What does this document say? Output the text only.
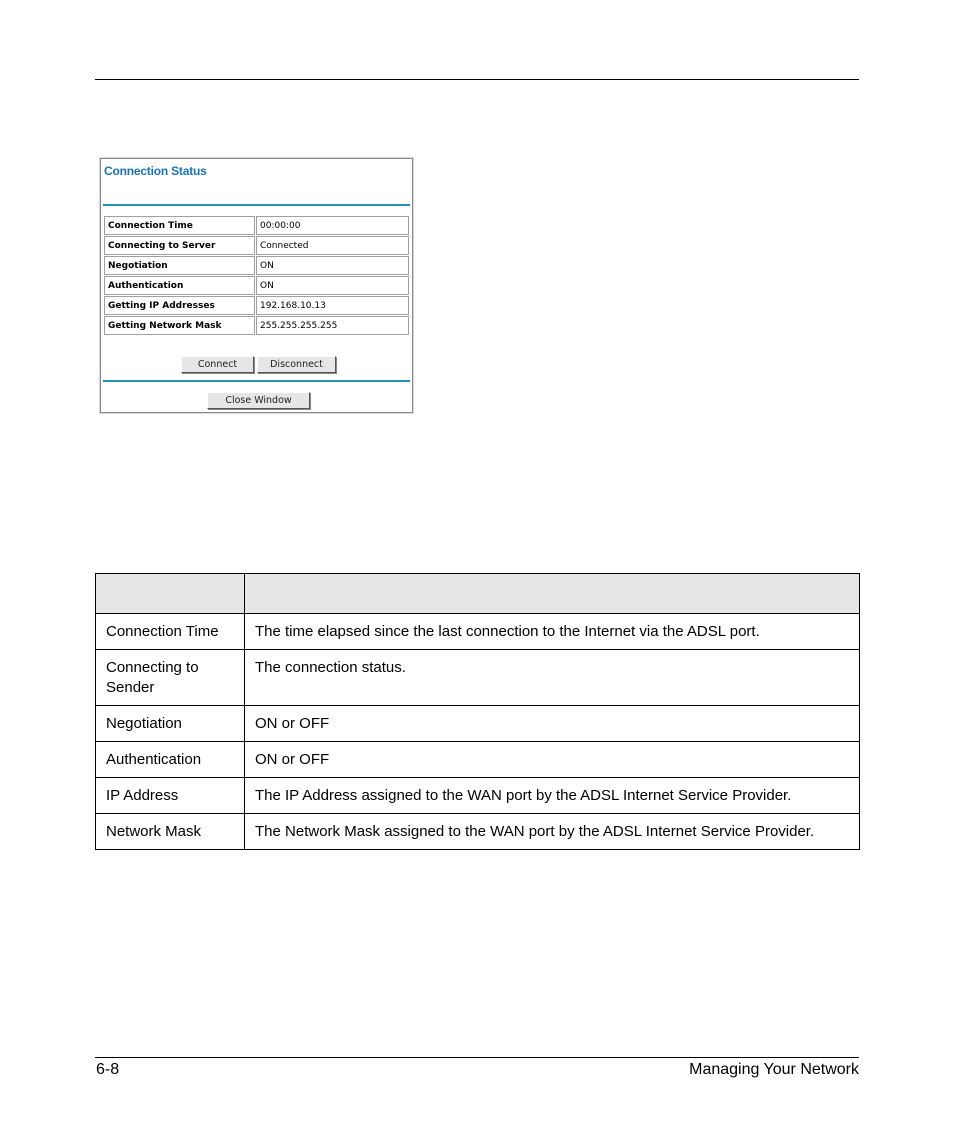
Connection Status
Connection Time	00:00:00
Connecting to Server	Connected
Negotiation	ON
Authentication	ON
Getting IP Addresses	192.168.10.13
Getting Network Mask	255.255.255.255
Connect	Disconnect
Close Window

Connection Time	The time elapsed since the last connection to the Internet via the ADSL port.
Connecting to Sender	The connection status.
Negotiation	ON or OFF
Authentication	ON or OFF
IP Address	The IP Address assigned to the WAN port by the ADSL Internet Service Provider.
Network Mask	The Network Mask assigned to the WAN port by the ADSL Internet Service Provider.
6-8	Managing Your Network
